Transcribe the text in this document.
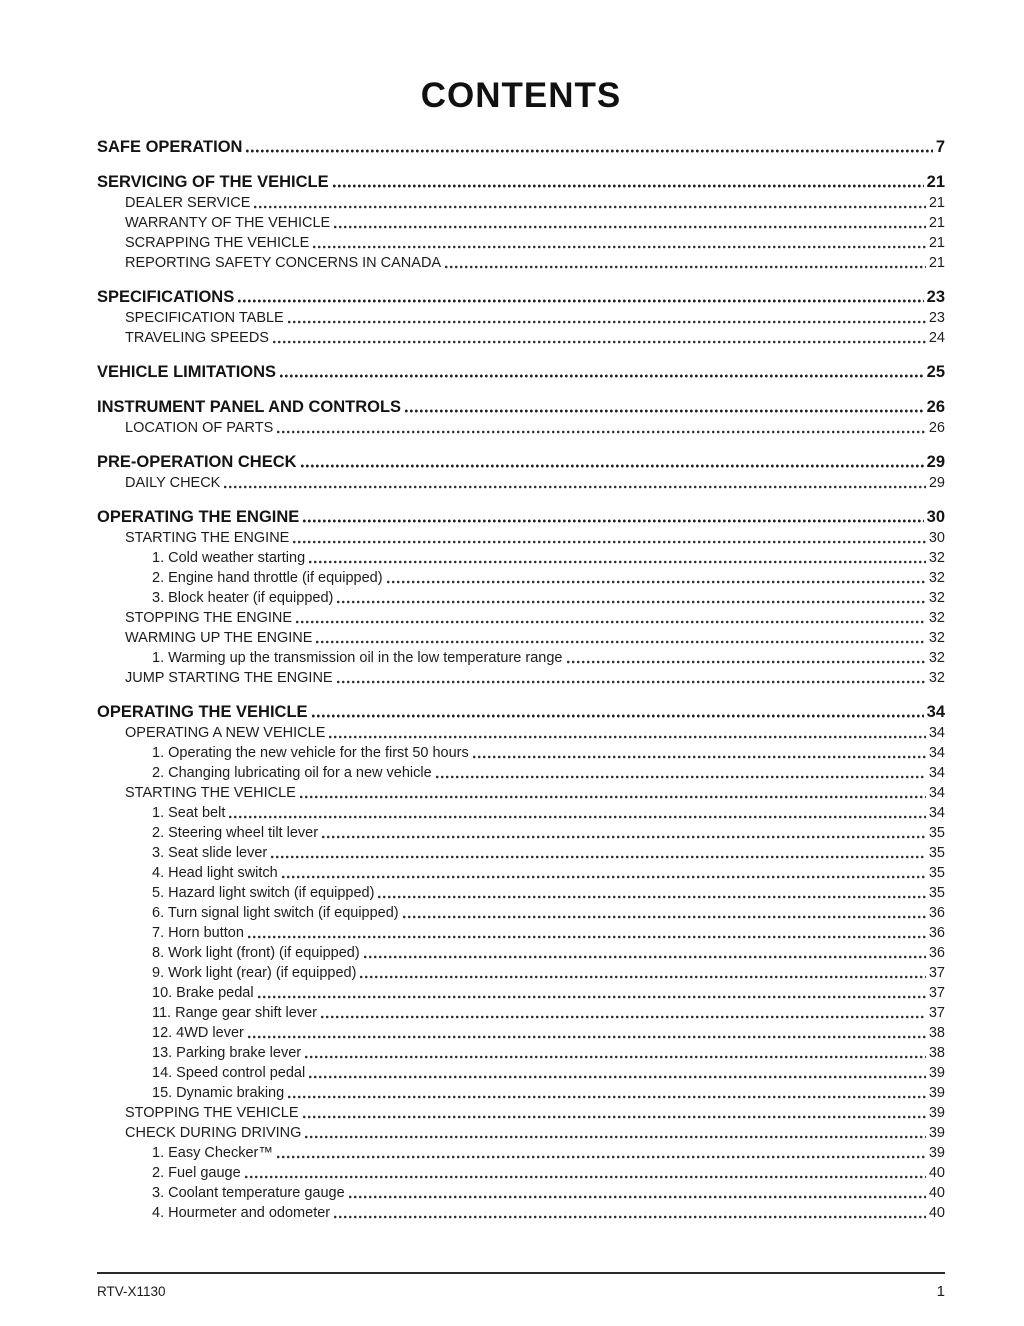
CONTENTS
SAFE OPERATION	7
SERVICING OF THE VEHICLE	21
DEALER SERVICE	21
WARRANTY OF THE VEHICLE	21
SCRAPPING THE VEHICLE	21
REPORTING SAFETY CONCERNS IN CANADA	21
SPECIFICATIONS	23
SPECIFICATION TABLE	23
TRAVELING SPEEDS	24
VEHICLE LIMITATIONS	25
INSTRUMENT PANEL AND CONTROLS	26
LOCATION OF PARTS	26
PRE-OPERATION CHECK	29
DAILY CHECK	29
OPERATING THE ENGINE	30
STARTING THE ENGINE	30
1. Cold weather starting	32
2. Engine hand throttle (if equipped)	32
3. Block heater (if equipped)	32
STOPPING THE ENGINE	32
WARMING UP THE ENGINE	32
1. Warming up the transmission oil in the low temperature range	32
JUMP STARTING THE ENGINE	32
OPERATING THE VEHICLE	34
OPERATING A NEW VEHICLE	34
1. Operating the new vehicle for the first 50 hours	34
2. Changing lubricating oil for a new vehicle	34
STARTING THE VEHICLE	34
1. Seat belt	34
2. Steering wheel tilt lever	35
3. Seat slide lever	35
4. Head light switch	35
5. Hazard light switch (if equipped)	35
6. Turn signal light switch (if equipped)	36
7. Horn button	36
8. Work light (front) (if equipped)	36
9. Work light (rear) (if equipped)	37
10. Brake pedal	37
11. Range gear shift lever	37
12. 4WD lever	38
13. Parking brake lever	38
14. Speed control pedal	39
15. Dynamic braking	39
STOPPING THE VEHICLE	39
CHECK DURING DRIVING	39
1. Easy Checker™	39
2. Fuel gauge	40
3. Coolant temperature gauge	40
4. Hourmeter and odometer	40
RTV-X1130	1
